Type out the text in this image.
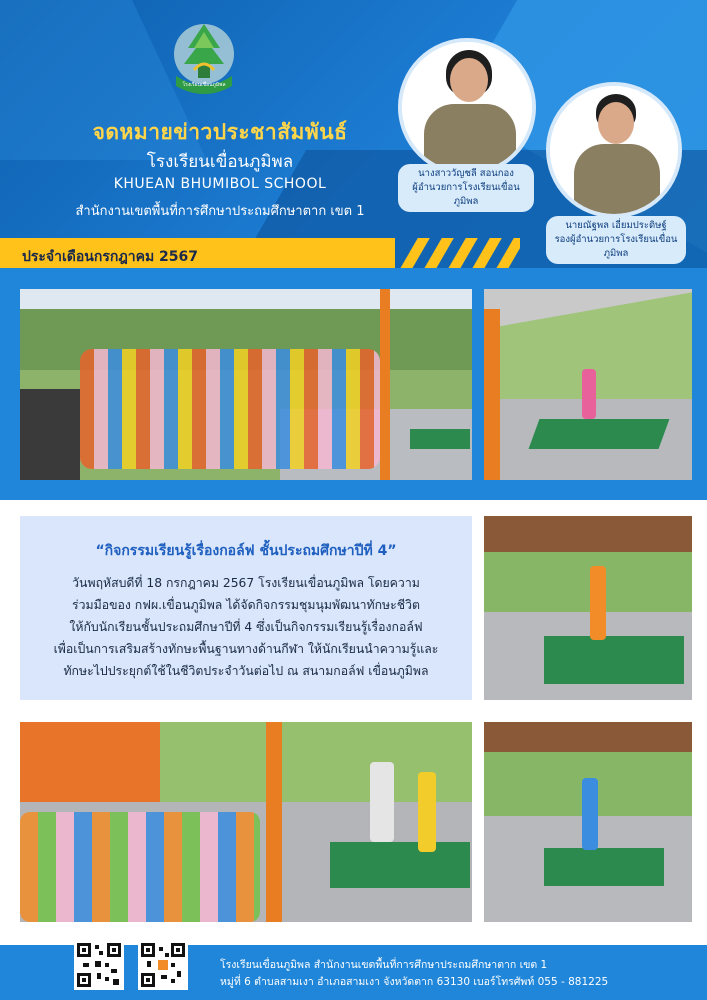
โรงเรียนเขื่อนภูมิพล
จดหมายข่าวประชาสัมพันธ์
โรงเรียนเขื่อนภูมิพล
KHUEAN BHUMIBOL SCHOOL
สำนักงานเขตพื้นที่การศึกษาประถมศึกษาตาก เขต 1
นางสาววัญชลี สอนกอง
ผู้อำนวยการโรงเรียนเขื่อนภูมิพล
นายณัฐพล เอี่ยมประดิษฐ์
รองผู้อำนวยการโรงเรียนเขื่อนภูมิพล
ประจำเดือนกรกฎาคม 2567
“กิจกรรมเรียนรู้เรื่องกอล์ฟ ชั้นประถมศึกษาปีที่ 4”
วันพฤหัสบดีที่ 18 กรกฎาคม 2567 โรงเรียนเขื่อนภูมิพล โดยความ
ร่วมมือของ กฟผ.เขื่อนภูมิพล ได้จัดกิจกรรมชุมนุมพัฒนาทักษะชีวิต
ให้กับนักเรียนชั้นประถมศึกษาปีที่ 4 ซึ่งเป็นกิจกรรมเรียนรู้เรื่องกอล์ฟ
เพื่อเป็นการเสริมสร้างทักษะพื้นฐานทางด้านกีฬา ให้นักเรียนนำความรู้และ
ทักษะไปประยุกต์ใช้ในชีวิตประจำวันต่อไป ณ สนามกอล์ฟ เขื่อนภูมิพล
โรงเรียนเขื่อนภูมิพล สำนักงานเขตพื้นที่การศึกษาประถมศึกษาตาก เขต 1
หมู่ที่ 6 ตำบลสามเงา อำเภอสามเงา จังหวัดตาก 63130 เบอร์โทรศัพท์ 055 - 881225
